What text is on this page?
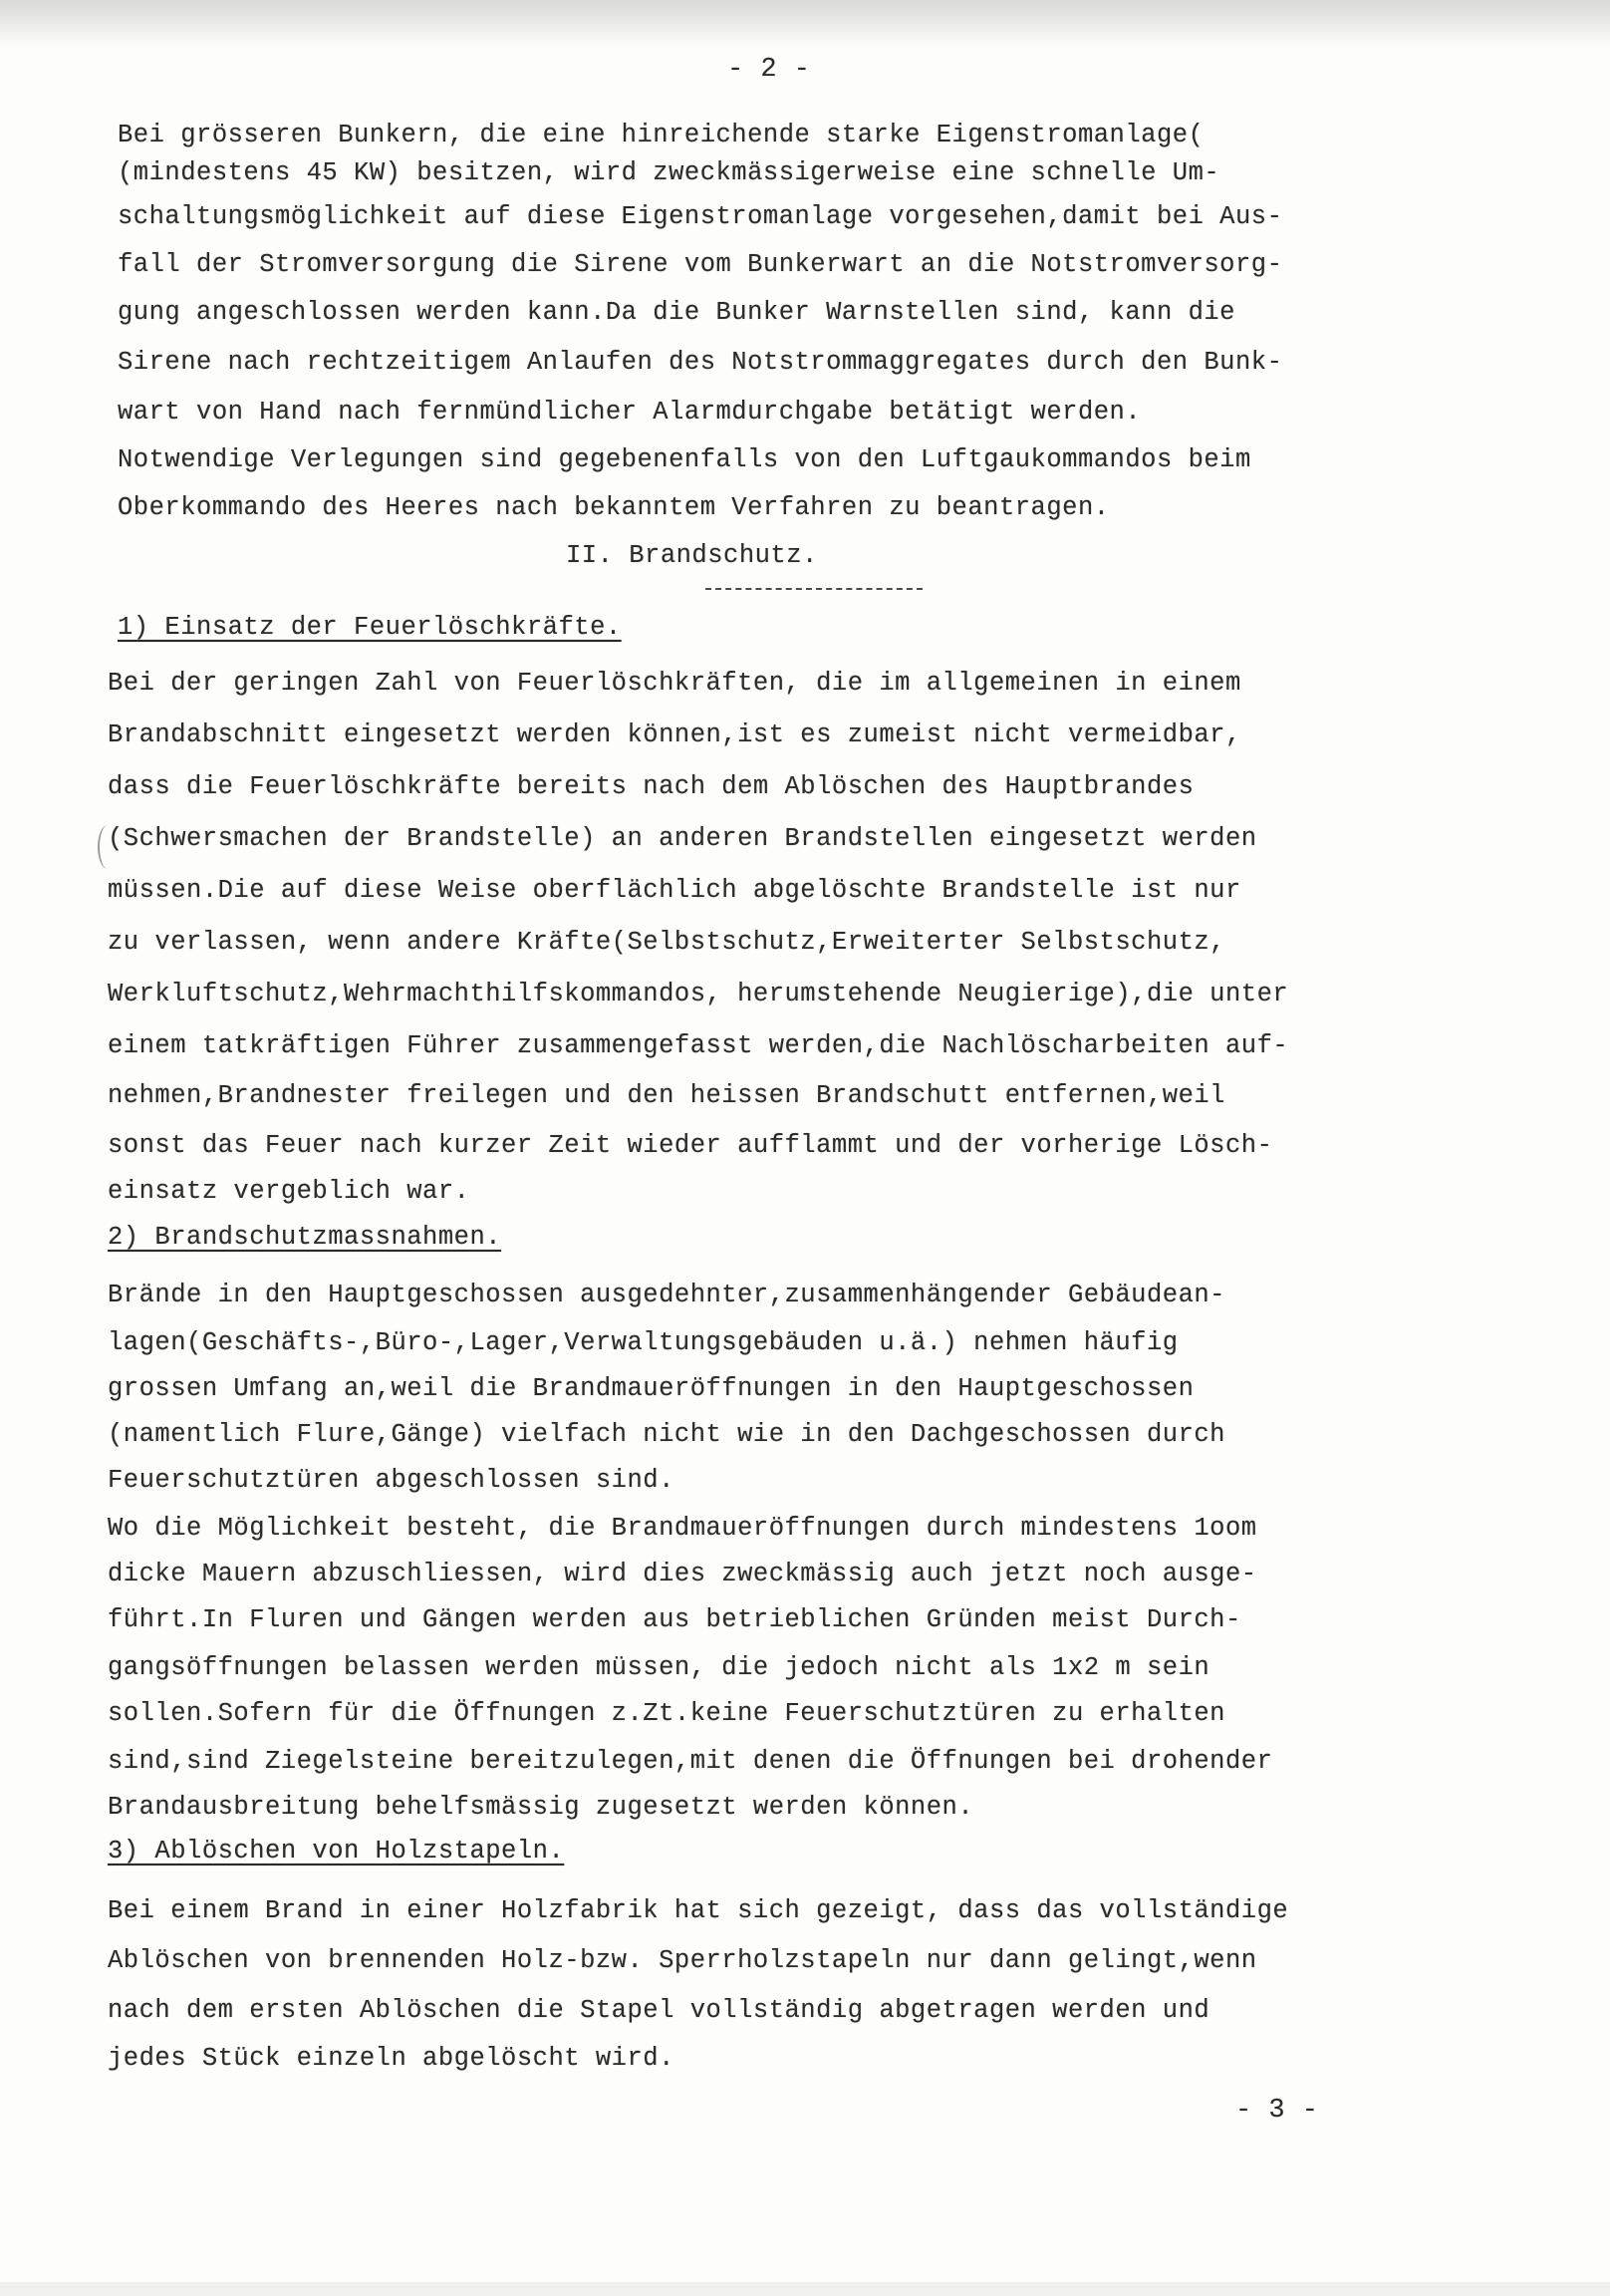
- 2 -

Bei grösseren Bunkern, die eine hinreichende starke Eigenstromanlage(

(mindestens 45 KW) besitzen, wird zweckmässigerweise eine schnelle Um-

schaltungsmöglichkeit auf diese Eigenstromanlage vorgesehen,damit bei Aus-

fall der Stromversorgung die Sirene vom Bunkerwart an die Notstromversorg-

gung angeschlossen werden kann.Da die Bunker Warnstellen sind, kann die

Sirene nach rechtzeitigem Anlaufen des Notstrommaggregates durch den Bunk-

wart von Hand nach fernmündlicher Alarmdurchgabe betätigt werden.

Notwendige Verlegungen sind gegebenenfalls von den Luftgaukommandos beim

Oberkommando des Heeres nach bekanntem Verfahren zu beantragen.

II. Brandschutz.

1) Einsatz der Feuerlöschkräfte.

Bei der geringen Zahl von Feuerlöschkräften, die im allgemeinen in einem

Brandabschnitt eingesetzt werden können,ist es zumeist nicht vermeidbar,

dass die Feuerlöschkräfte bereits nach dem Ablöschen des Hauptbrandes

(Schwersmachen der Brandstelle) an anderen Brandstellen eingesetzt werden

müssen.Die auf diese Weise oberflächlich abgelöschte Brandstelle ist nur

zu verlassen, wenn andere Kräfte(Selbstschutz,Erweiterter Selbstschutz,

Werkluftschutz,Wehrmachthilfskommandos, herumstehende Neugierige),die unter

einem tatkräftigen Führer zusammengefasst werden,die Nachlöscharbeiten auf-

nehmen,Brandnester freilegen und den heissen Brandschutt entfernen,weil

sonst das Feuer nach kurzer Zeit wieder aufflammt und der vorherige Lösch-

einsatz vergeblich war.

2) Brandschutzmassnahmen.

Brände in den Hauptgeschossen ausgedehnter,zusammenhängender Gebäudean-

lagen(Geschäfts-,Büro-,Lager,Verwaltungsgebäuden u.ä.) nehmen häufig

grossen Umfang an,weil die Brandmaueröffnungen in den Hauptgeschossen

(namentlich Flure,Gänge) vielfach nicht wie in den Dachgeschossen durch

Feuerschutztüren abgeschlossen sind.

Wo die Möglichkeit besteht, die Brandmaueröffnungen durch mindestens 1oom

dicke Mauern abzuschliessen, wird dies zweckmässig auch jetzt noch ausge-

führt.In Fluren und Gängen werden aus betrieblichen Gründen meist Durch-

gangsöffnungen belassen werden müssen, die jedoch nicht als 1x2 m sein

sollen.Sofern für die Öffnungen z.Zt.keine Feuerschutztüren zu erhalten

sind,sind Ziegelsteine bereitzulegen,mit denen die Öffnungen bei drohender

Brandausbreitung behelfsmässig zugesetzt werden können.

3) Ablöschen von Holzstapeln.

Bei einem Brand in einer Holzfabrik hat sich gezeigt, dass das vollständige

Ablöschen von brennenden Holz-bzw. Sperrholzstapeln nur dann gelingt,wenn

nach dem ersten Ablöschen die Stapel vollständig abgetragen werden und

jedes Stück einzeln abgelöscht wird.

- 3 -
